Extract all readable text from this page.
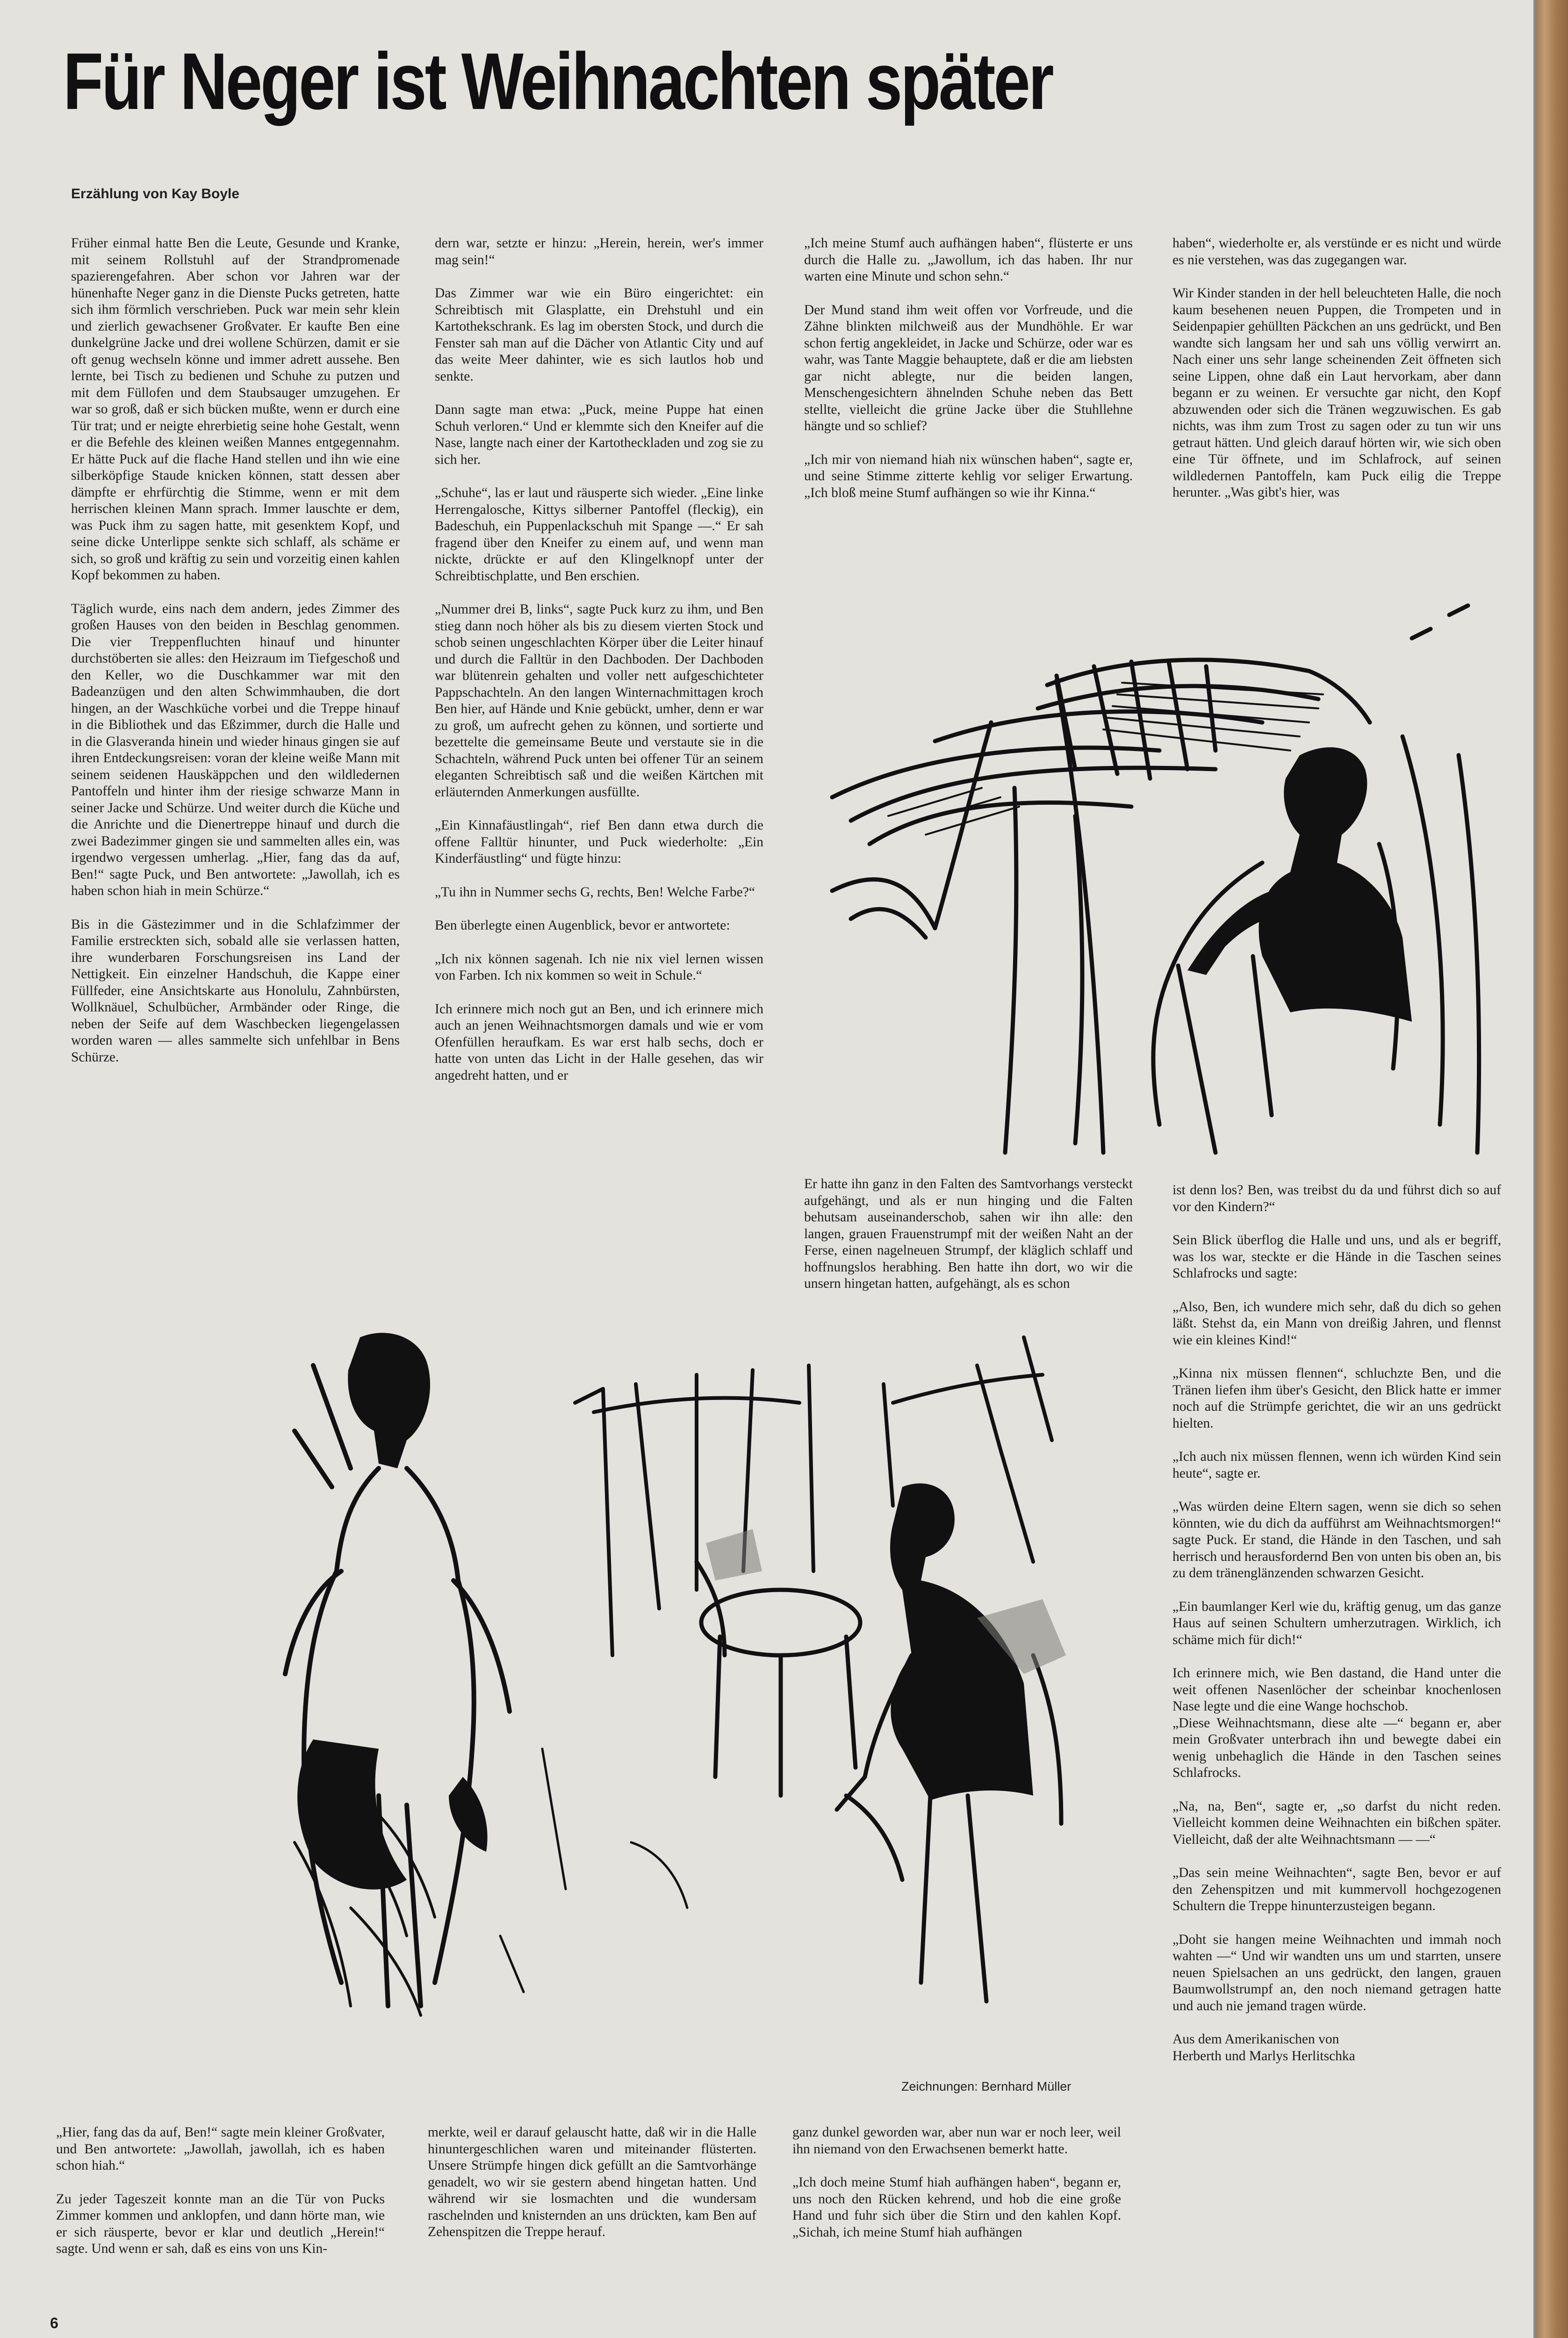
Für Neger ist Weihnachten später
Erzählung von Kay Boyle

Früher einmal hatte Ben die Leute, Gesunde und Kranke, mit seinem Rollstuhl auf der Strandpromenade spazierengefahren. Aber schon vor Jahren war der hünenhafte Neger ganz in die Dienste Pucks getreten, hatte sich ihm förmlich verschrieben. Puck war mein sehr klein und zierlich gewachsener Großvater. Er kaufte Ben eine dunkelgrüne Jacke und drei wollene Schürzen, damit er sie oft genug wechseln könne und immer adrett aussehe. Ben lernte, bei Tisch zu bedienen und Schuhe zu putzen und mit dem Füllofen und dem Staubsauger umzugehen. Er war so groß, daß er sich bücken mußte, wenn er durch eine Tür trat; und er neigte ehrerbietig seine hohe Gestalt, wenn er die Befehle des kleinen weißen Mannes entgegennahm. Er hätte Puck auf die flache Hand stellen und ihn wie eine silberköpfige Staude knicken können, statt dessen aber dämpfte er ehrfürchtig die Stimme, wenn er mit dem herrischen kleinen Mann sprach. Immer lauschte er dem, was Puck ihm zu sagen hatte, mit gesenktem Kopf, und seine dicke Unterlippe senkte sich schlaff, als schäme er sich, so groß und kräftig zu sein und vorzeitig einen kahlen Kopf bekommen zu haben.

Täglich wurde, eins nach dem andern, jedes Zimmer des großen Hauses von den beiden in Beschlag genommen. Die vier Treppenfluchten hinauf und hinunter durchstöberten sie alles: den Heizraum im Tiefgeschoß und den Keller, wo die Duschkammer war mit den Badeanzügen und den alten Schwimmhauben, die dort hingen, an der Waschküche vorbei und die Treppe hinauf in die Bibliothek und das Eßzimmer, durch die Halle und in die Glasveranda hinein und wieder hinaus gingen sie auf ihren Entdeckungsreisen: voran der kleine weiße Mann mit seinem seidenen Hauskäppchen und den wildledernen Pantoffeln und hinter ihm der riesige schwarze Mann in seiner Jacke und Schürze. Und weiter durch die Küche und die Anrichte und die Dienertreppe hinauf und durch die zwei Badezimmer gingen sie und sammelten alles ein, was irgendwo vergessen umherlag. „Hier, fang das da auf, Ben!“ sagte Puck, und Ben antwortete: „Jawollah, ich es haben schon hiah in mein Schürze.“

Bis in die Gästezimmer und in die Schlafzimmer der Familie erstreckten sich, sobald alle sie verlassen hatten, ihre wunderbaren Forschungsreisen ins Land der Nettigkeit. Ein einzelner Handschuh, die Kappe einer Füllfeder, eine Ansichtskarte aus Honolulu, Zahnbürsten, Wollknäuel, Schulbücher, Armbänder oder Ringe, die neben der Seife auf dem Waschbecken liegengelassen worden waren — alles sammelte sich unfehlbar in Bens Schürze.

dern war, setzte er hinzu: „Herein, herein, wer's immer mag sein!“

Das Zimmer war wie ein Büro eingerichtet: ein Schreibtisch mit Glasplatte, ein Drehstuhl und ein Kartothekschrank. Es lag im obersten Stock, und durch die Fenster sah man auf die Dächer von Atlantic City und auf das weite Meer dahinter, wie es sich lautlos hob und senkte.

Dann sagte man etwa: „Puck, meine Puppe hat einen Schuh verloren.“ Und er klemmte sich den Kneifer auf die Nase, langte nach einer der Kartotheckladen und zog sie zu sich her.

„Schuhe“, las er laut und räusperte sich wieder. „Eine linke Herrengalosche, Kittys silberner Pantoffel (fleckig), ein Badeschuh, ein Puppenlackschuh mit Spange —.“ Er sah fragend über den Kneifer zu einem auf, und wenn man nickte, drückte er auf den Klingelknopf unter der Schreibtischplatte, und Ben erschien.

„Nummer drei B, links“, sagte Puck kurz zu ihm, und Ben stieg dann noch höher als bis zu diesem vierten Stock und schob seinen ungeschlachten Körper über die Leiter hinauf und durch die Falltür in den Dachboden. Der Dachboden war blütenrein gehalten und voller nett aufgeschichteter Pappschachteln. An den langen Winternachmittagen kroch Ben hier, auf Hände und Knie gebückt, umher, denn er war zu groß, um aufrecht gehen zu können, und sortierte und bezettelte die gemeinsame Beute und verstaute sie in die Schachteln, während Puck unten bei offener Tür an seinem eleganten Schreibtisch saß und die weißen Kärtchen mit erläuternden Anmerkungen ausfüllte.

„Ein Kinnafäustlingah“, rief Ben dann etwa durch die offene Falltür hinunter, und Puck wiederholte: „Ein Kinderfäustling“ und fügte hinzu:

„Tu ihn in Nummer sechs G, rechts, Ben! Welche Farbe?“

Ben überlegte einen Augenblick, bevor er antwortete:

„Ich nix können sagenah. Ich nie nix viel lernen wissen von Farben. Ich nix kommen so weit in Schule.“

Ich erinnere mich noch gut an Ben, und ich erinnere mich auch an jenen Weihnachtsmorgen damals und wie er vom Ofenfüllen heraufkam. Es war erst halb sechs, doch er hatte von unten das Licht in der Halle gesehen, das wir angedreht hatten, und er

„Ich meine Stumf auch aufhängen haben“, flüsterte er uns durch die Halle zu. „Jawollum, ich das haben. Ihr nur warten eine Minute und schon sehn.“

Der Mund stand ihm weit offen vor Vorfreude, und die Zähne blinkten milchweiß aus der Mundhöhle. Er war schon fertig angekleidet, in Jacke und Schürze, oder war es wahr, was Tante Maggie behauptete, daß er die am liebsten gar nicht ablegte, nur die beiden langen, Menschengesichtern ähnelnden Schuhe neben das Bett stellte, vielleicht die grüne Jacke über die Stuhllehne hängte und so schlief?

„Ich mir von niemand hiah nix wünschen haben“, sagte er, und seine Stimme zitterte kehlig vor seliger Erwartung. „Ich bloß meine Stumf aufhängen so wie ihr Kinna.“

haben“, wiederholte er, als verstünde er es nicht und würde es nie verstehen, was das zugegangen war.

Wir Kinder standen in der hell beleuchteten Halle, die noch kaum besehenen neuen Puppen, die Trompeten und in Seidenpapier gehüllten Päckchen an uns gedrückt, und Ben wandte sich langsam her und sah uns völlig verwirrt an. Nach einer uns sehr lange scheinenden Zeit öffneten sich seine Lippen, ohne daß ein Laut hervorkam, aber dann begann er zu weinen. Er versuchte gar nicht, den Kopf abzuwenden oder sich die Tränen wegzuwischen. Es gab nichts, was ihm zum Trost zu sagen oder zu tun wir uns getraut hätten. Und gleich darauf hörten wir, wie sich oben eine Tür öffnete, und im Schlafrock, auf seinen wildledernen Pantoffeln, kam Puck eilig die Treppe herunter. „Was gibt's hier, was

Er hatte ihn ganz in den Falten des Samtvorhangs versteckt aufgehängt, und als er nun hinging und die Falten behutsam auseinanderschob, sahen wir ihn alle: den langen, grauen Frauenstrumpf mit der weißen Naht an der Ferse, einen nagelneuen Strumpf, der kläglich schlaff und hoffnungslos herabhing. Ben hatte ihn dort, wo wir die unsern hingetan hatten, aufgehängt, als es schon

ist denn los? Ben, was treibst du da und führst dich so auf vor den Kindern?“

Sein Blick überflog die Halle und uns, und als er begriff, was los war, steckte er die Hände in die Taschen seines Schlafrocks und sagte:

„Also, Ben, ich wundere mich sehr, daß du dich so gehen läßt. Stehst da, ein Mann von dreißig Jahren, und flennst wie ein kleines Kind!“

„Kinna nix müssen flennen“, schluchzte Ben, und die Tränen liefen ihm über's Gesicht, den Blick hatte er immer noch auf die Strümpfe gerichtet, die wir an uns gedrückt hielten.

„Ich auch nix müssen flennen, wenn ich würden Kind sein heute“, sagte er.

„Was würden deine Eltern sagen, wenn sie dich so sehen könnten, wie du dich da aufführst am Weihnachtsmorgen!“ sagte Puck. Er stand, die Hände in den Taschen, und sah herrisch und herausfordernd Ben von unten bis oben an, bis zu dem tränenglänzenden schwarzen Gesicht.

„Ein baumlanger Kerl wie du, kräftig genug, um das ganze Haus auf seinen Schultern umherzutragen. Wirklich, ich schäme mich für dich!“

Ich erinnere mich, wie Ben dastand, die Hand unter die weit offenen Nasenlöcher der scheinbar knochenlosen Nase legte und die eine Wange hochschob.
„Diese Weihnachtsmann, diese alte —“ begann er, aber mein Großvater unterbrach ihn und bewegte dabei ein wenig unbehaglich die Hände in den Taschen seines Schlafrocks.

„Na, na, Ben“, sagte er, „so darfst du nicht reden. Vielleicht kommen deine Weihnachten ein bißchen später. Vielleicht, daß der alte Weihnachtsmann — —“

„Das sein meine Weihnachten“, sagte Ben, bevor er auf den Zehenspitzen und mit kummervoll hochgezogenen Schultern die Treppe hinunterzusteigen begann.

„Doht sie hangen meine Weihnachten und immah noch wahten —“ Und wir wandten uns um und starrten, unsere neuen Spielsachen an uns gedrückt, den langen, grauen Baumwollstrumpf an, den noch niemand getragen hatte und auch nie jemand tragen würde.

Aus dem Amerikanischen von
Herberth und Marlys Herlitschka

„Hier, fang das da auf, Ben!“ sagte mein kleiner Großvater, und Ben antwortete: „Jawollah, jawollah, ich es haben schon hiah.“

Zu jeder Tageszeit konnte man an die Tür von Pucks Zimmer kommen und anklopfen, und dann hörte man, wie er sich räusperte, bevor er klar und deutlich „Herein!“ sagte. Und wenn er sah, daß es eins von uns Kin-

merkte, weil er darauf gelauscht hatte, daß wir in die Halle hinuntergeschlichen waren und miteinander flüsterten. Unsere Strümpfe hingen dick gefüllt an die Samtvorhänge genadelt, wo wir sie gestern abend hingetan hatten. Und während wir sie losmachten und die wundersam raschelnden und knisternden an uns drückten, kam Ben auf Zehenspitzen die Treppe herauf.

ganz dunkel geworden war, aber nun war er noch leer, weil ihn niemand von den Erwachsenen bemerkt hatte.

„Ich doch meine Stumf hiah aufhängen haben“, begann er, uns noch den Rücken kehrend, und hob die eine große Hand und fuhr sich über die Stirn und den kahlen Kopf. „Sichah, ich meine Stumf hiah aufhängen

Zeichnungen: Bernhard Müller
6
